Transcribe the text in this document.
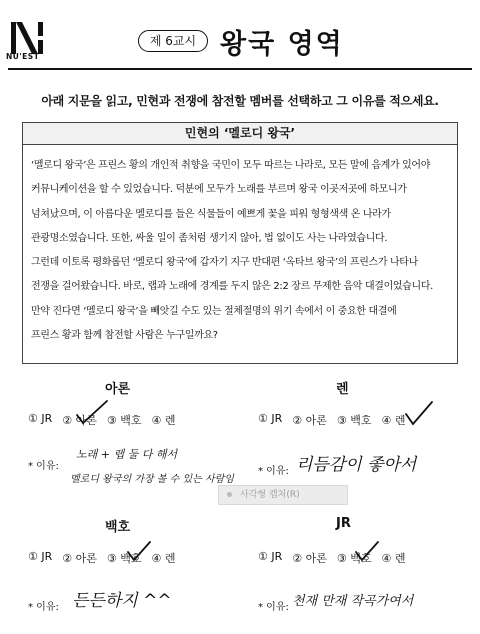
NU'EST
제 6교시 왕국 영역
아래 지문을 읽고, 민현과 전쟁에 참전할 멤버를 선택하고 그 이유를 적으세요.
민현의 ‘멜로디 왕국’

‘멜로디 왕국’은 프린스 황의 개인적 취향을 국민이 모두 따르는 나라로, 모든 말에 음계가 있어야

커뮤니케이션을 할 수 있었습니다. 덕분에 모두가 노래를 부르며 왕국 이곳저곳에 하모니가

넘쳐났으며, 이 아름다운 멜로디를 들은 식물들이 예쁘게 꽃을 피워 형형색색 온 나라가

관광명소였습니다. 또한, 싸울 일이 좀처럼 생기지 않아, 법 없이도 사는 나라였습니다.

그런데 이토록 평화롭던 ‘멜로디 왕국’에 갑자기 지구 반대편 ‘옥타브 왕국’의 프린스가 나타나

전쟁을 걸어왔습니다. 바로, 랩과 노래에 경계를 두지 않은 2:2 장르 무제한 음악 대결이었습니다.

만약 진다면 ‘멜로디 왕국’을 빼앗길 수도 있는 절체절명의 위기 속에서 이 중요한 대결에

프린스 황과 함께 참전할 사람은 누구일까요?

아론
① JR ② 아론 ③ 백호 ④ 렌
* 이유:
노래 + 랩 둘 다 해서
멜로디 왕국의 가장 볼 수 있는 사람임
렌
① JR ② 아론 ③ 백호 ④ 렌
* 이유: 리듬감이 좋아서
사각형 캡처(R)
백호
① JR ② 아론 ③ 백호 ④ 렌
* 이유: 든든하지 ^^
JR
① JR ② 아론 ③ 백호 ④ 렌
* 이유: 천재 만재 작곡가여서
